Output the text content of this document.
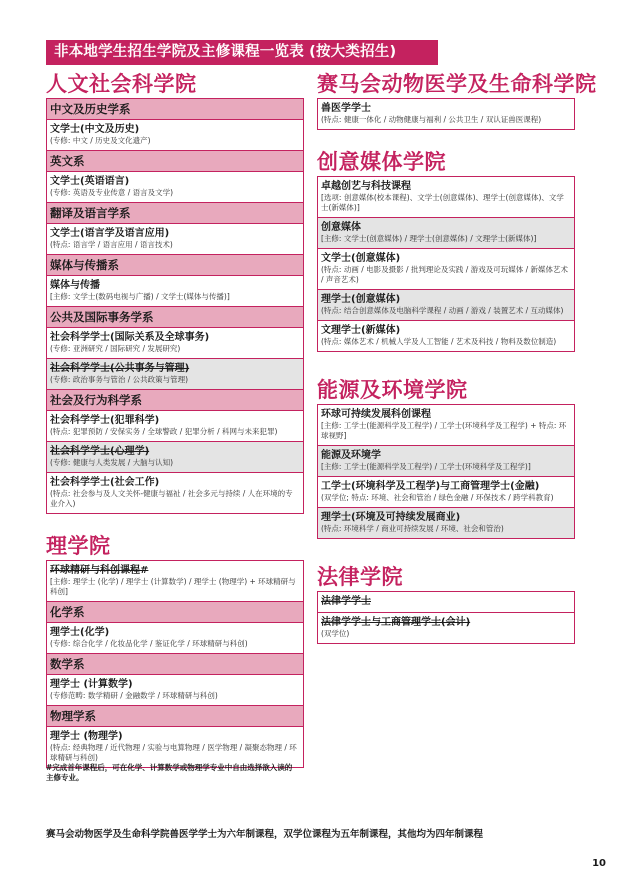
非本地学生招生学院及主修课程一览表 (按大类招生)
人文社会科学院
中文及历史学系
文学士(中文及历史)
(专修: 中文 / 历史及文化遗产)
英文系
文学士(英语语言)
(专修: 英语及专业传意 / 语言及文学)
翻译及语言学系
文学士(语言学及语言应用)
(特点: 语言学 / 语言应用 / 语言技术)
媒体与传播系
媒体与传播
[主修: 文学士(数码电视与广播) / 文学士(媒体与传播)]
公共及国际事务学系
社会科学学士(国际关系及全球事务)
(专修: 亚洲研究 / 国际研究 / 发展研究)
社会科学学士(公共事务与管理)
(专修: 政治事务与管治 / 公共政策与管理)
社会及行为科学系
社会科学学士(犯罪科学)
(特点: 犯罪预防 / 安保实务 / 全球警政 / 犯罪分析 / 科网与未来犯罪)
社会科学学士(心理学)
(专修: 健康与人类发展 / 大脑与认知)
社会科学学士(社会工作)
(特点: 社会参与及人文关怀-健康与福祉 / 社会多元与持续 / 人在环境的专业介入)
理学院
环球精研与科创课程#
[主修: 理学士 (化学) / 理学士 (计算数学) / 理学士 (物理学) + 环球精研与科创]
化学系
理学士(化学)
(专修: 综合化学 / 化妆品化学 / 鉴证化学 / 环球精研与科创)
数学系
理学士 (计算数学)
(专修范畴: 数学精研 / 金融数学 / 环球精研与科创)
物理学系
理学士 (物理学)
(特点: 经典物理 / 近代物理 / 实验与电算物理 / 医学物理 / 凝聚态物理 / 环球精研与科创)
赛马会动物医学及生命科学院
兽医学学士
(特点: 健康一体化 / 动物健康与福利 / 公共卫生 / 双认证兽医课程)
创意媒体学院
卓越创艺与科技课程
[选项: 创意媒体(校本课程)、文学士(创意媒体)、理学士(创意媒体)、文学士(新媒体)]
创意媒体
[主修: 文学士(创意媒体) / 理学士(创意媒体) / 文理学士(新媒体)]
文学士(创意媒体)
(特点: 动画 / 电影及摄影 / 批判理论及实践 / 游戏及可玩媒体 / 新媒体艺术 / 声音艺术)
理学士(创意媒体)
(特点: 结合创意媒体及电脑科学课程 / 动画 / 游戏 / 装置艺术 / 互动媒体)
文理学士(新媒体)
(特点: 媒体艺术 / 机械人学及人工智能 / 艺术及科技 / 物料及数位制造)
能源及环境学院
环球可持续发展科创课程
[主修: 工学士(能源科学及工程学) / 工学士(环境科学及工程学) + 特点: 环球视野]
能源及环境学
[主修: 工学士(能源科学及工程学) / 工学士(环境科学及工程学)]
工学士(环境科学及工程学)与工商管理学士(金融)
(双学位; 特点: 环境、社会和管治 / 绿色金融 / 环保技术 / 跨学科教育)
理学士(环境及可持续发展商业)
(特点: 环境科学 / 商业可持续发展 / 环境、社会和管治)
法律学院
法律学学士
法律学学士与工商管理学士(会计)
(双学位)
#完成首年课程后，可在化学、计算数学或物理学专业中自由选择欲入读的主修专业。
赛马会动物医学及生命科学院兽医学学士为六年制课程，双学位课程为五年制课程，其他均为四年制课程
10
